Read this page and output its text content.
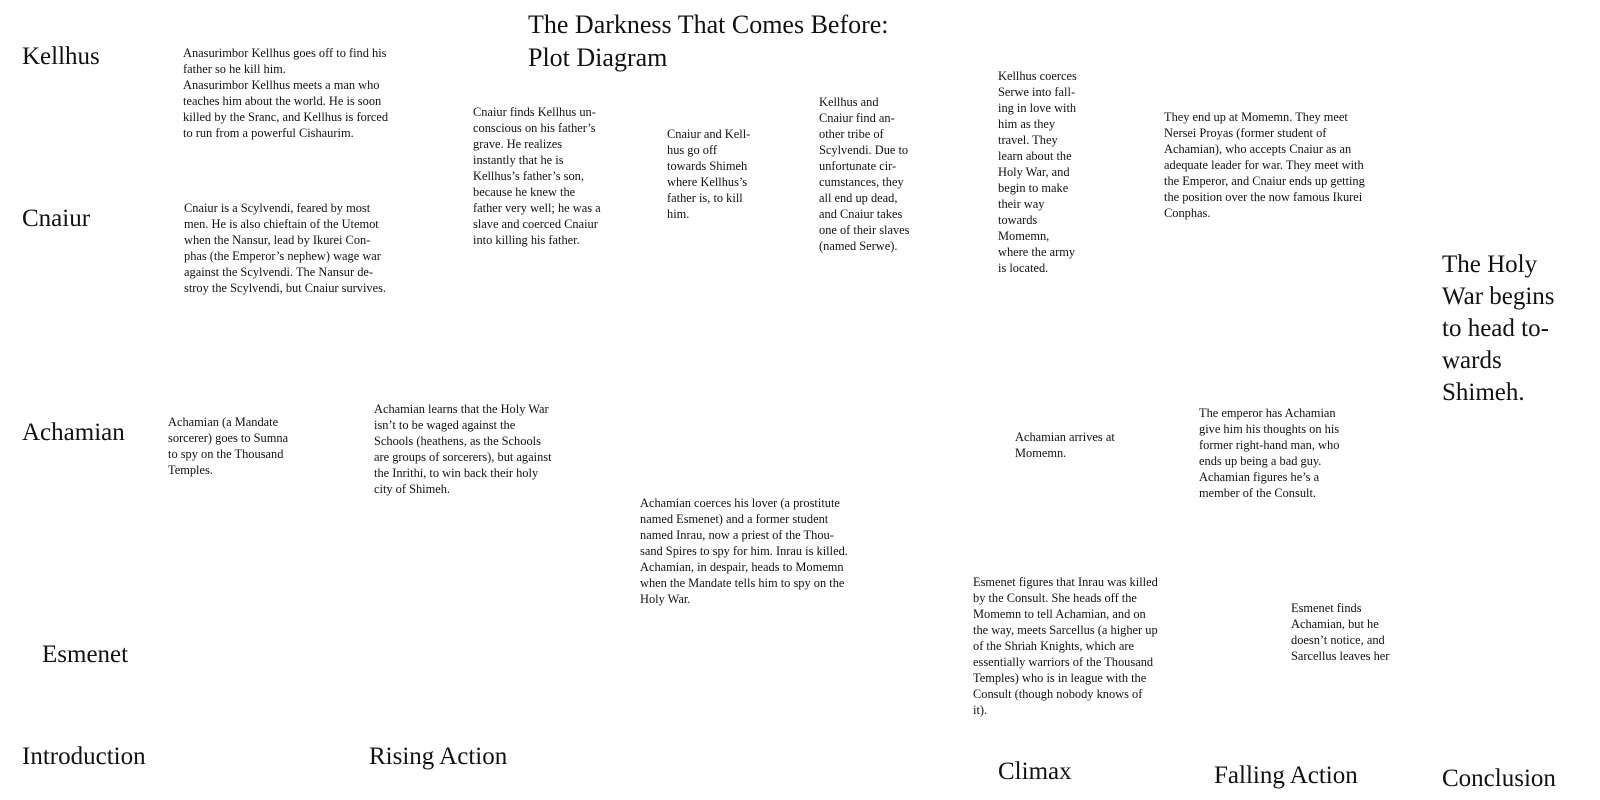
The Darkness That Comes Before:
Plot Diagram
Kellhus
Cnaiur
Achamian
Esmenet
Anasurimbor Kellhus goes off to find his
father so he kill him.
Anasurimbor Kellhus meets a man who
teaches him about the world. He is soon
killed by the Sranc, and Kellhus is forced
to run from a powerful Cishaurim.
Cnaiur is a Scylvendi, feared by most
men. He is also chieftain of the Utemot
when the Nansur, lead by Ikurei Con-
phas (the Emperor’s nephew) wage war
against the Scylvendi. The Nansur de-
stroy the Scylvendi, but Cnaiur survives.
Cnaiur finds Kellhus un-
conscious on his father’s
grave. He realizes
instantly that he is
Kellhus’s father’s son,
because he knew the
father very well; he was a
slave and coerced Cnaiur
into killing his father.
Cnaiur and Kell-
hus go off
towards Shimeh
where Kellhus’s
father is, to kill
him.
Kellhus and
Cnaiur find an-
other tribe of
Scylvendi. Due to
unfortunate cir-
cumstances, they
all end up dead,
and Cnaiur takes
one of their slaves
(named Serwe).
Kellhus coerces
Serwe into fall-
ing in love with
him as they
travel. They
learn about the
Holy War, and
begin to make
their way
towards
Momemn,
where the army
is located.
They end up at Momemn. They meet
Nersei Proyas (former student of
Achamian), who accepts Cnaiur as an
adequate leader for war. They meet with
the Emperor, and Cnaiur ends up getting
the position over the now famous Ikurei
Conphas.
Achamian (a Mandate
sorcerer) goes to Sumna
to spy on the Thousand
Temples.
Achamian learns that the Holy War
isn’t to be waged against the
Schools (heathens, as the Schools
are groups of sorcerers), but against
the Inrithi, to win back their holy
city of Shimeh.
Achamian coerces his lover (a prostitute
named Esmenet) and a former student
named Inrau, now a priest of the Thou-
sand Spires to spy for him. Inrau is killed.
Achamian, in despair, heads to Momemn
when the Mandate tells him to spy on the
Holy War.
Achamian arrives at
Momemn.
The emperor has Achamian
give him his thoughts on his
former right-hand man, who
ends up being a bad guy.
Achamian figures he’s a
member of the Consult.
Esmenet figures that Inrau was killed
by the Consult. She heads off the
Momemn to tell Achamian, and on
the way, meets Sarcellus (a higher up
of the Shriah Knights, which are
essentially warriors of the Thousand
Temples) who is in league with the
Consult (though nobody knows of
it).
Esmenet finds
Achamian, but he
doesn’t notice, and
Sarcellus leaves her
The Holy
War begins
to head to-
wards
Shimeh.
Introduction	Rising Action
Climax	Falling Action	Conclusion
